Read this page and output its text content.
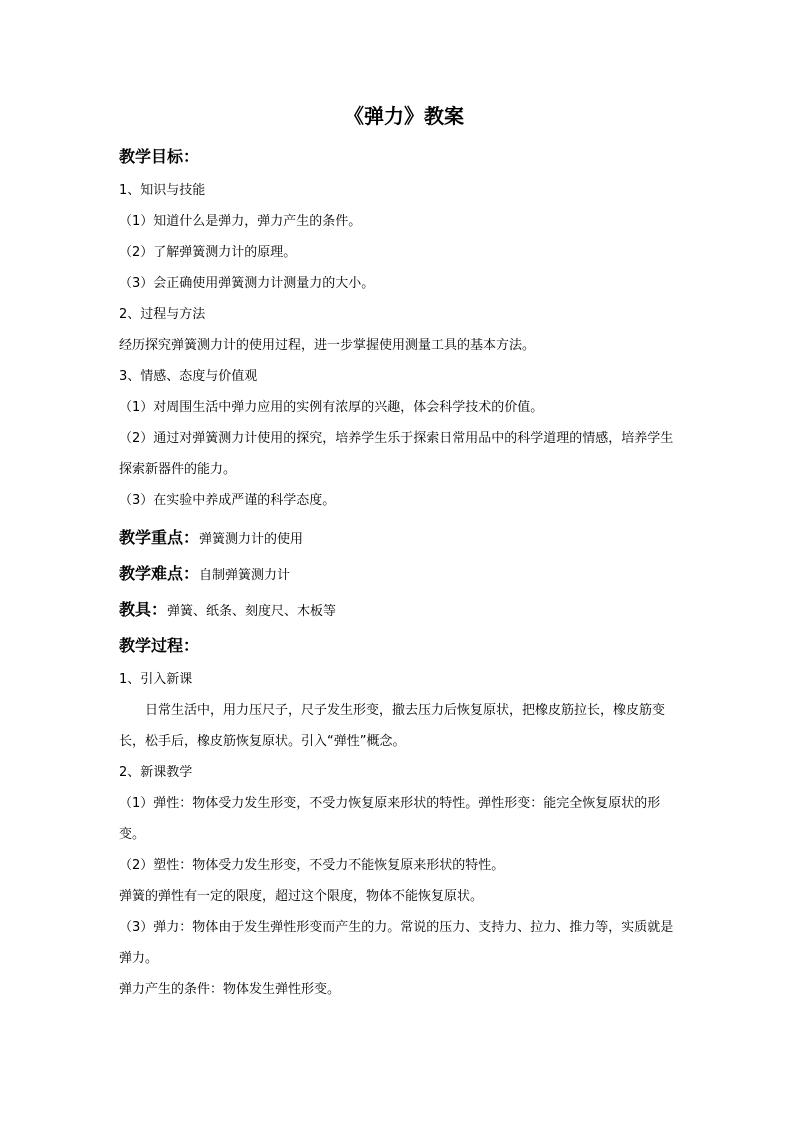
《弹力》教案
教学目标：

1、知识与技能

（1）知道什么是弹力，弹力产生的条件。

（2）了解弹簧测力计的原理。

（3）会正确使用弹簧测力计测量力的大小。

2、过程与方法

经历探究弹簧测力计的使用过程，进一步掌握使用测量工具的基本方法。

3、情感、态度与价值观

（1）对周围生活中弹力应用的实例有浓厚的兴趣，体会科学技术的价值。

（2）通过对弹簧测力计使用的探究，培养学生乐于探索日常用品中的科学道理的情感，培养学生探索新器件的能力。

（3）在实验中养成严谨的科学态度。

教学重点：弹簧测力计的使用
教学难点：自制弹簧测力计
教具：弹簧、纸条、刻度尺、木板等
教学过程：

1、引入新课

日常生活中，用力压尺子，尺子发生形变，撤去压力后恢复原状，把橡皮筋拉长，橡皮筋变长，松手后，橡皮筋恢复原状。引入“弹性”概念。

2、新课教学

（1）弹性：物体受力发生形变，不受力恢复原来形状的特性。弹性形变：能完全恢复原状的形变。

（2）塑性：物体受力发生形变，不受力不能恢复原来形状的特性。

弹簧的弹性有一定的限度，超过这个限度，物体不能恢复原状。

（3）弹力：物体由于发生弹性形变而产生的力。常说的压力、支持力、拉力、推力等，实质就是弹力。

弹力产生的条件：物体发生弹性形变。
